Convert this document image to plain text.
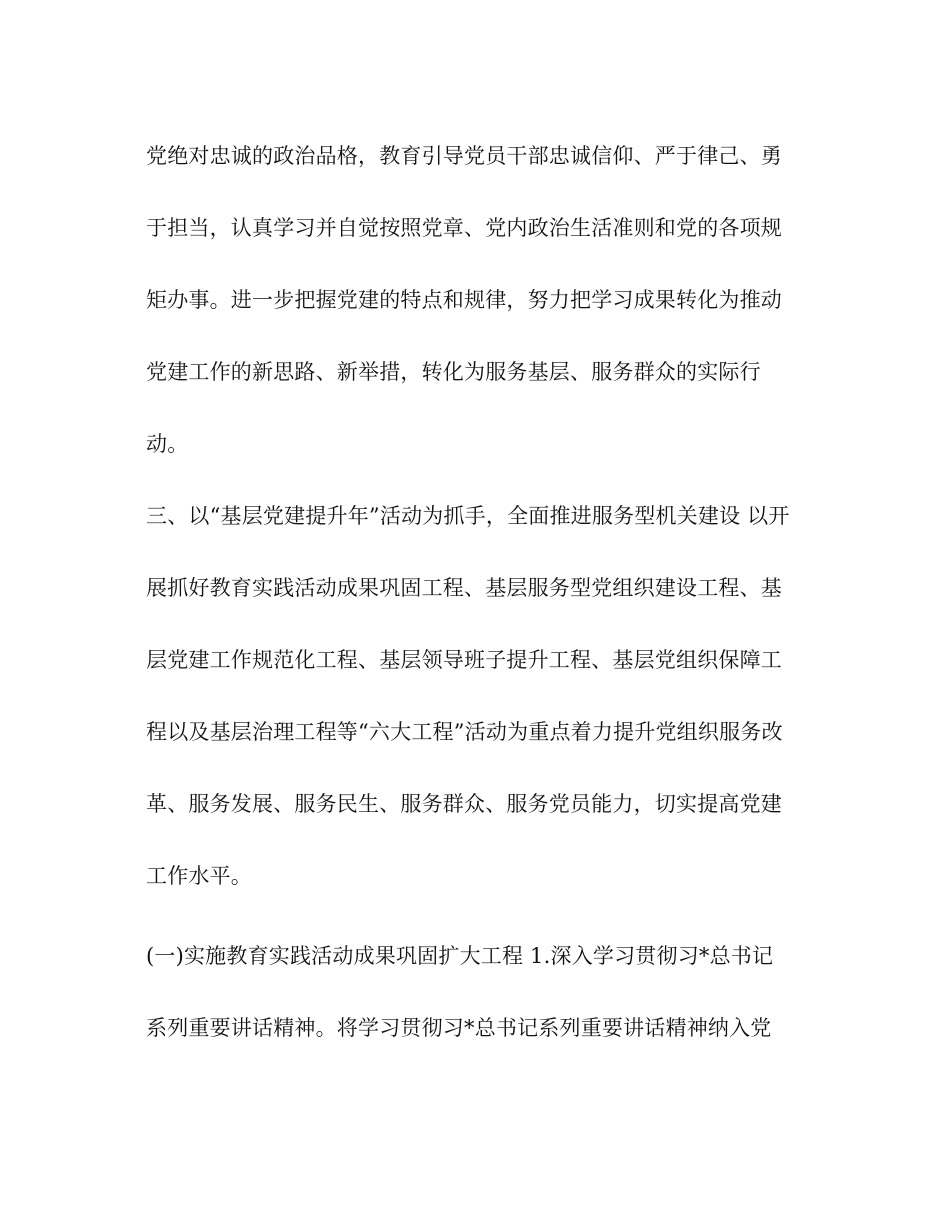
党绝对忠诚的政治品格，教育引导党员干部忠诚信仰、严于律己、勇
于担当，认真学习并自觉按照党章、党内政治生活准则和党的各项规
矩办事。进一步把握党建的特点和规律，努力把学习成果转化为推动
党建工作的新思路、新举措，转化为服务基层、服务群众的实际行
动。
三、以“基层党建提升年”活动为抓手，全面推进服务型机关建设 以开
展抓好教育实践活动成果巩固工程、基层服务型党组织建设工程、基
层党建工作规范化工程、基层领导班子提升工程、基层党组织保障工
程以及基层治理工程等“六大工程”活动为重点着力提升党组织服务改
革、服务发展、服务民生、服务群众、服务党员能力，切实提高党建
工作水平。
(一)实施教育实践活动成果巩固扩大工程 1.深入学习贯彻习*总书记
系列重要讲话精神。将学习贯彻习*总书记系列重要讲话精神纳入党
